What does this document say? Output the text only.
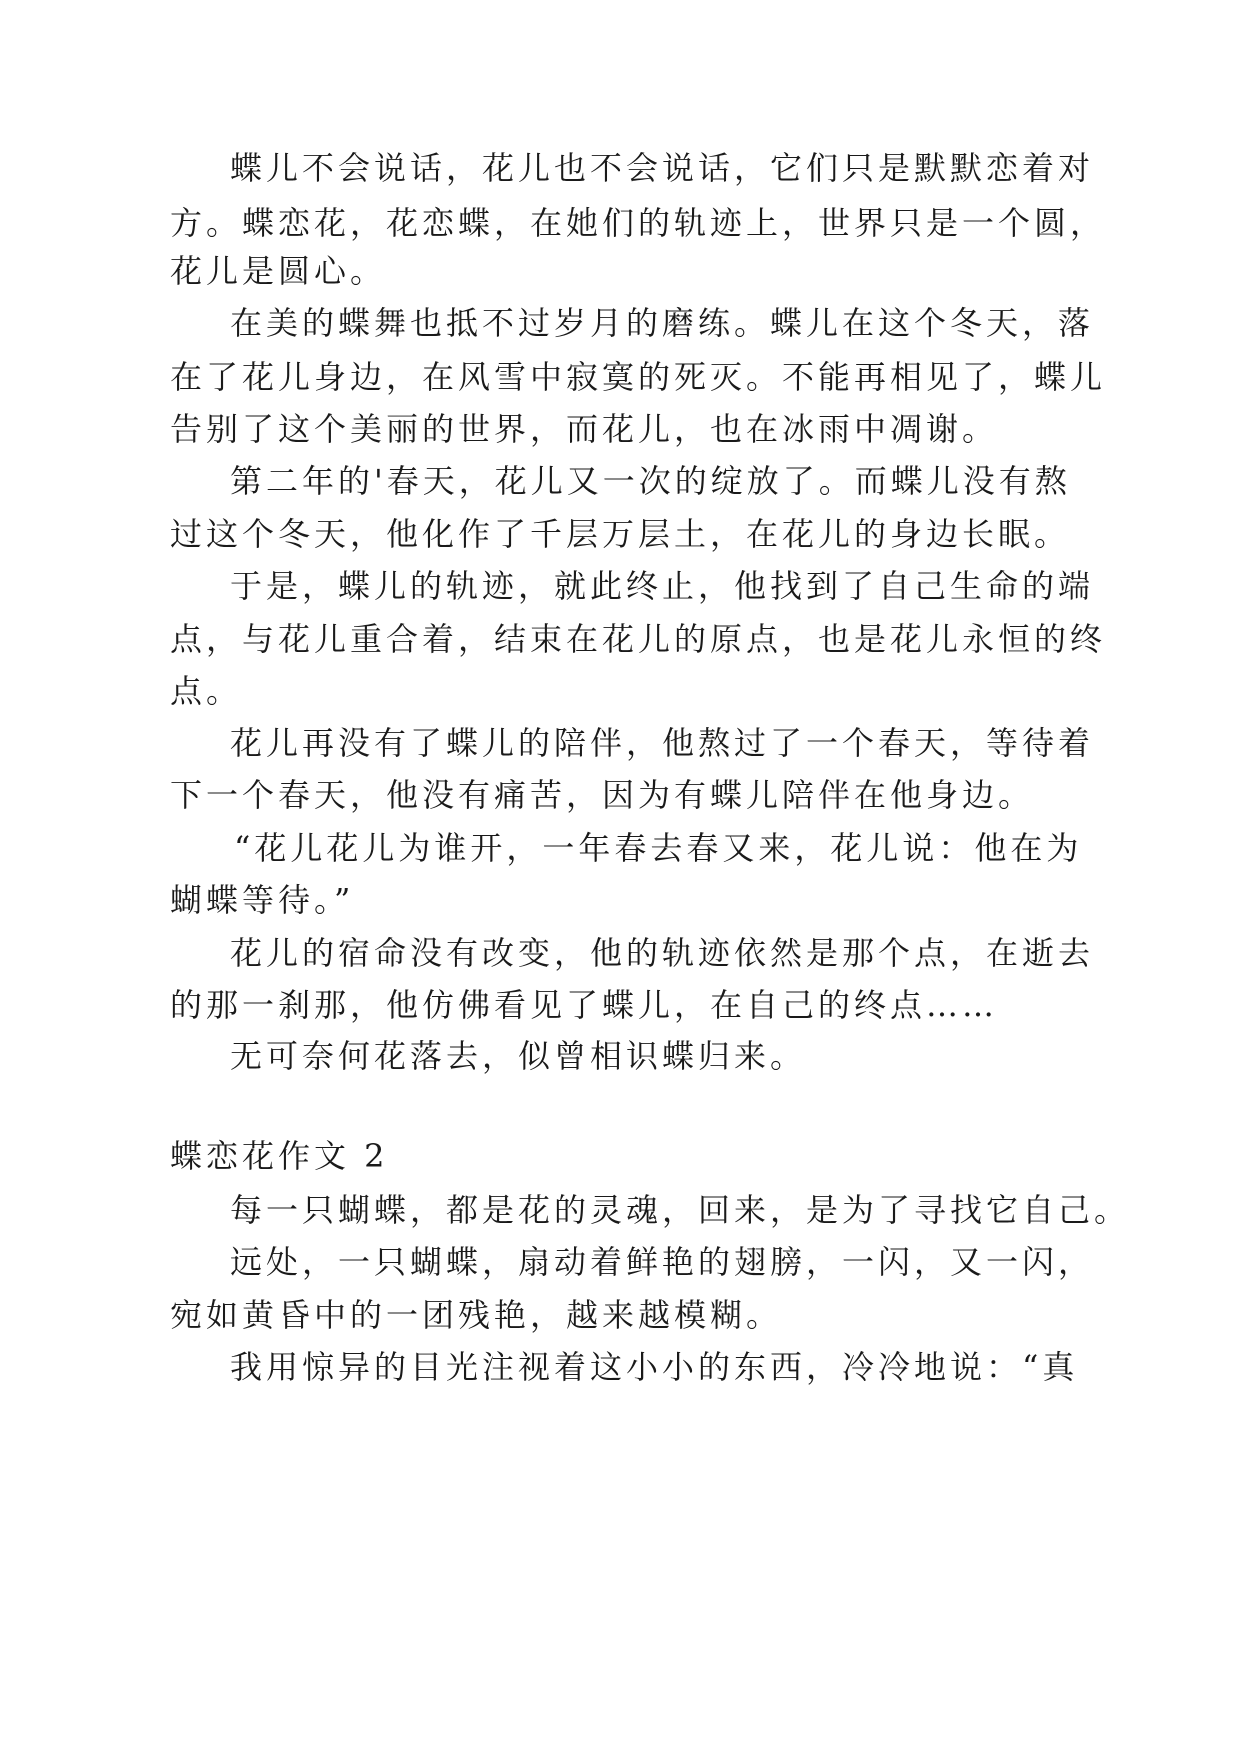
蝶儿不会说话，花儿也不会说话，它们只是默默恋着对

方。蝶恋花，花恋蝶，在她们的轨迹上，世界只是一个圆，

花儿是圆心。

在美的蝶舞也抵不过岁月的磨练。蝶儿在这个冬天，落

在了花儿身边，在风雪中寂寞的死灭。不能再相见了，蝶儿

告别了这个美丽的世界，而花儿，也在冰雨中凋谢。

第二年的'春天，花儿又一次的绽放了。而蝶儿没有熬

过这个冬天，他化作了千层万层土，在花儿的身边长眠。

于是，蝶儿的轨迹，就此终止，他找到了自己生命的端

点，与花儿重合着，结束在花儿的原点，也是花儿永恒的终

点。

花儿再没有了蝶儿的陪伴，他熬过了一个春天，等待着

下一个春天，他没有痛苦，因为有蝶儿陪伴在他身边。

“花儿花儿为谁开，一年春去春又来，花儿说：他在为

蝴蝶等待。”

花儿的宿命没有改变，他的轨迹依然是那个点，在逝去

的那一刹那，他仿佛看见了蝶儿，在自己的终点……

无可奈何花落去，似曾相识蝶归来。

蝶恋花作文 2

每一只蝴蝶，都是花的灵魂，回来，是为了寻找它自己。

远处，一只蝴蝶，扇动着鲜艳的翅膀，一闪，又一闪，

宛如黄昏中的一团残艳，越来越模糊。

我用惊异的目光注视着这小小的东西，冷冷地说：“真
